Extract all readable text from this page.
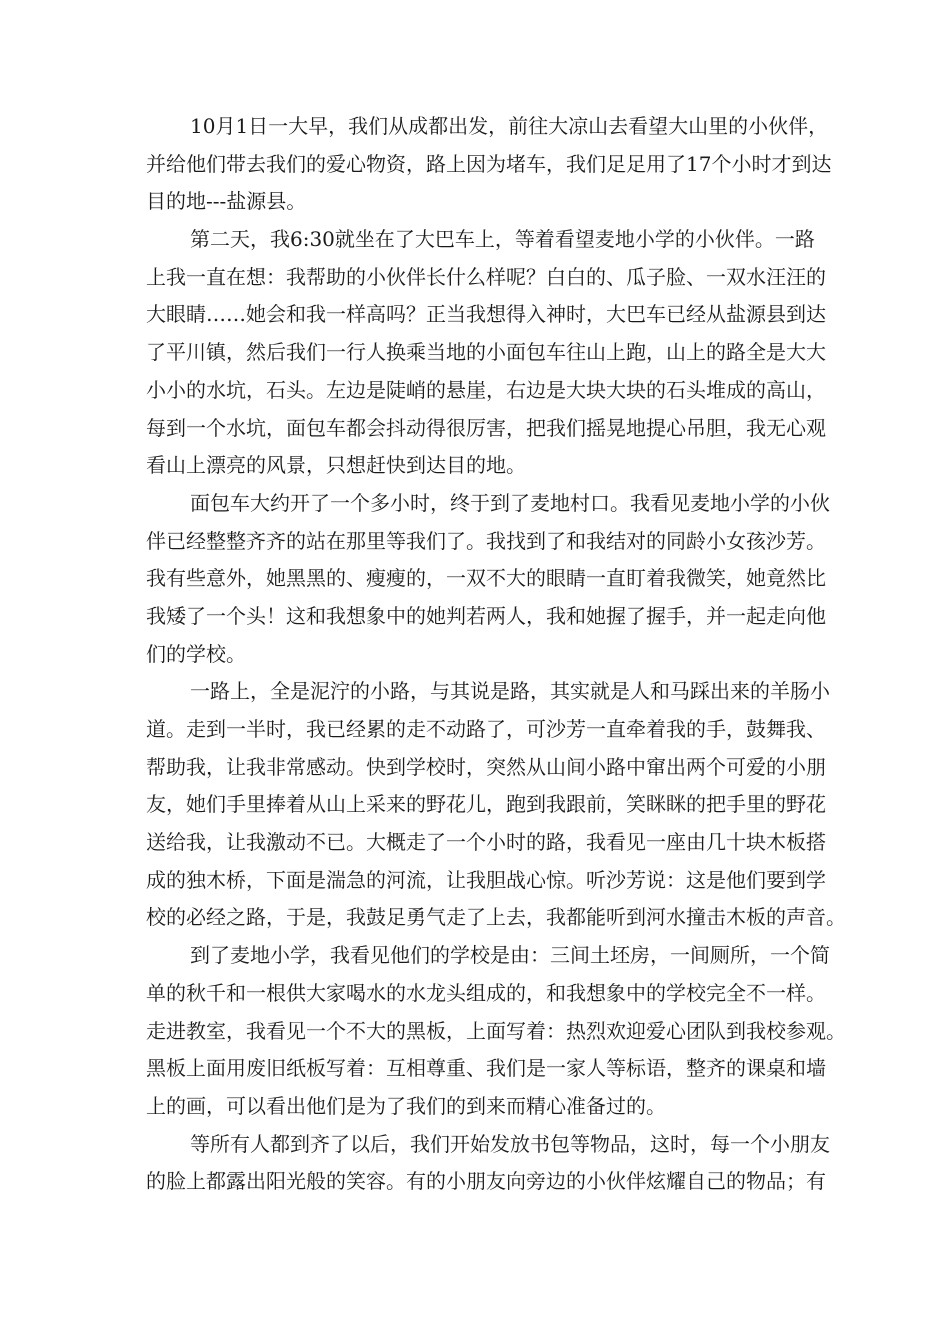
10月1日一大早，我们从成都出发，前往大凉山去看望大山里的小伙伴，
并给他们带去我们的爱心物资，路上因为堵车，我们足足用了17个小时才到达
目的地---盐源县。
第二天，我6:30就坐在了大巴车上，等着看望麦地小学的小伙伴。一路
上我一直在想：我帮助的小伙伴长什么样呢？白白的、瓜子脸、一双水汪汪的
大眼睛……她会和我一样高吗？正当我想得入神时，大巴车已经从盐源县到达
了平川镇，然后我们一行人换乘当地的小面包车往山上跑，山上的路全是大大
小小的水坑，石头。左边是陡峭的悬崖，右边是大块大块的石头堆成的高山，
每到一个水坑，面包车都会抖动得很厉害，把我们摇晃地提心吊胆，我无心观
看山上漂亮的风景，只想赶快到达目的地。
面包车大约开了一个多小时，终于到了麦地村口。我看见麦地小学的小伙
伴已经整整齐齐的站在那里等我们了。我找到了和我结对的同龄小女孩沙芳。
我有些意外，她黑黑的、瘦瘦的，一双不大的眼睛一直盯着我微笑，她竟然比
我矮了一个头！这和我想象中的她判若两人，我和她握了握手，并一起走向他
们的学校。
一路上，全是泥泞的小路，与其说是路，其实就是人和马踩出来的羊肠小
道。走到一半时，我已经累的走不动路了，可沙芳一直牵着我的手，鼓舞我、
帮助我，让我非常感动。快到学校时，突然从山间小路中窜出两个可爱的小朋
友，她们手里捧着从山上采来的野花儿，跑到我跟前，笑眯眯的把手里的野花
送给我，让我激动不已。大概走了一个小时的路，我看见一座由几十块木板搭
成的独木桥，下面是湍急的河流，让我胆战心惊。听沙芳说：这是他们要到学
校的必经之路，于是，我鼓足勇气走了上去，我都能听到河水撞击木板的声音。
到了麦地小学，我看见他们的学校是由：三间土坯房，一间厕所，一个简
单的秋千和一根供大家喝水的水龙头组成的，和我想象中的学校完全不一样。
走进教室，我看见一个不大的黑板，上面写着：热烈欢迎爱心团队到我校参观。
黑板上面用废旧纸板写着：互相尊重、我们是一家人等标语，整齐的课桌和墙
上的画，可以看出他们是为了我们的到来而精心准备过的。
等所有人都到齐了以后，我们开始发放书包等物品，这时，每一个小朋友
的脸上都露出阳光般的笑容。有的小朋友向旁边的小伙伴炫耀自己的物品；有
